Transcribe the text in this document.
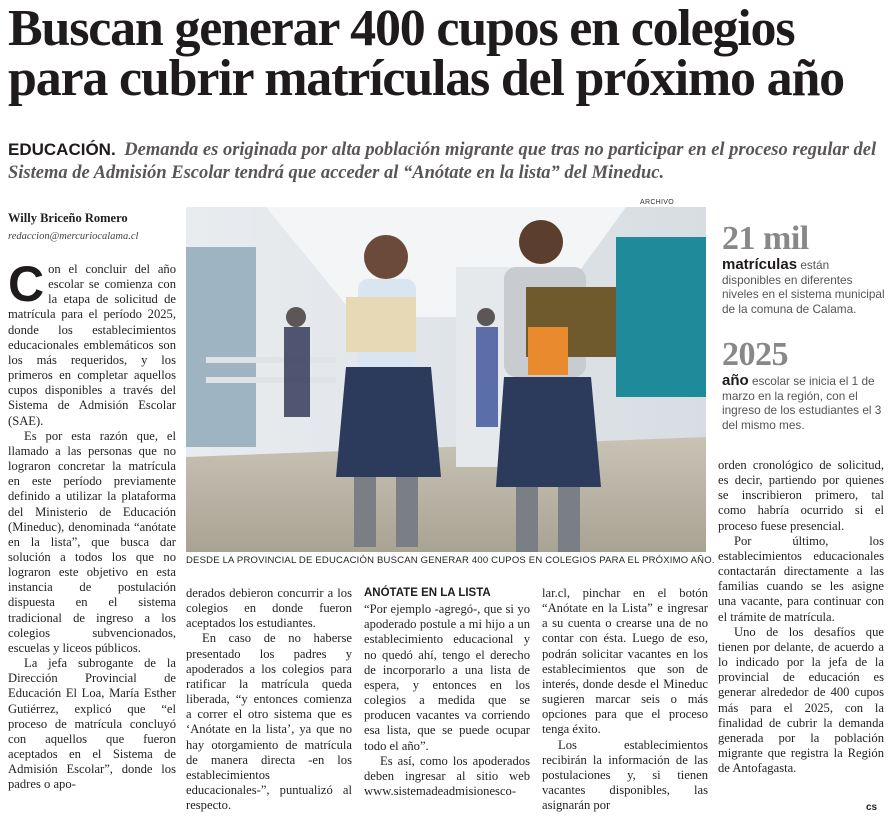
Buscan generar 400 cupos en colegios
para cubrir matrículas del próximo año
EDUCACIÓN. Demanda es originada por alta población migrante que tras no participar en el proceso regular del Sistema de Admisión Escolar tendrá que acceder al “Anótate en la lista” del Mineduc.
Willy Briceño Romero
redaccion@mercuriocalama.cl

Con el concluir del año escolar se comienza con la etapa de solicitud de matrícula para el período 2025, donde los establecimientos educacionales emblemáticos son los más requeridos, y los primeros en completar aquellos cupos disponibles a través del Sistema de Admisión Escolar (SAE).

Es por esta razón que, el llamado a las personas que no lograron concretar la matrícula en este período previamente definido a utilizar la plataforma del Ministerio de Educación (Mineduc), denominada “anótate en la lista”, que busca dar solución a todos los que no lograron este objetivo en esta instancia de postulación dispuesta en el sistema tradicional de ingreso a los colegios subvencionados, escuelas y liceos públicos.

La jefa subrogante de la Dirección Provincial de Educación El Loa, María Esther Gutiérrez, explicó que “el proceso de matrícula concluyó con aquellos que fueron aceptados en el Sistema de Admisión Escolar”, donde los padres o apo-

ARCHIVO
DESDE LA PROVINCIAL DE EDUCACIÓN BUSCAN GENERAR 400 CUPOS EN COLEGIOS PARA EL PRÓXIMO AÑO.
21 mil
matrículas están disponibles en diferentes niveles en el sistema municipal de la comuna de Calama.
2025
año escolar se inicia el 1 de marzo en la región, con el ingreso de los estudiantes el 3 del mismo mes.

derados debieron concurrir a los colegios en donde fueron aceptados los estudiantes.

En caso de no haberse presentado los padres y apoderados a los colegios para ratificar la matrícula queda liberada, “y entonces comienza a correr el otro sistema que es ‘Anótate en la lista’, ya que no hay otorgamiento de matrícula de manera directa -en los establecimientos educacionales-”, puntualizó al respecto.

ANÓTATE EN LA LISTA

“Por ejemplo -agregó-, que si yo apoderado postule a mi hijo a un establecimiento educacional y no quedó ahí, tengo el derecho de incorporarlo a una lista de espera, y entonces en los colegios a medida que se producen vacantes va corriendo esa lista, que se puede ocupar todo el año”.

Es así, como los apoderados deben ingresar al sitio web www.sistemadeadmisionesco-

lar.cl, pinchar en el botón “Anótate en la Lista” e ingresar a su cuenta o crearse una de no contar con ésta. Luego de eso, podrán solicitar vacantes en los establecimientos que son de interés, donde desde el Mineduc sugieren marcar seis o más opciones para que el proceso tenga éxito.

Los establecimientos recibirán la información de las postulaciones y, si tienen vacantes disponibles, las asignarán por

orden cronológico de solicitud, es decir, partiendo por quienes se inscribieron primero, tal como habría ocurrido si el proceso fuese presencial.

Por último, los establecimientos educacionales contactarán directamente a las familias cuando se les asigne una vacante, para continuar con el trámite de matrícula.

Uno de los desafíos que tienen por delante, de acuerdo a lo indicado por la jefa de la provincial de educación es generar alrededor de 400 cupos más para el 2025, con la finalidad de cubrir la demanda generada por la población migrante que registra la Región de Antofagasta.

cs
